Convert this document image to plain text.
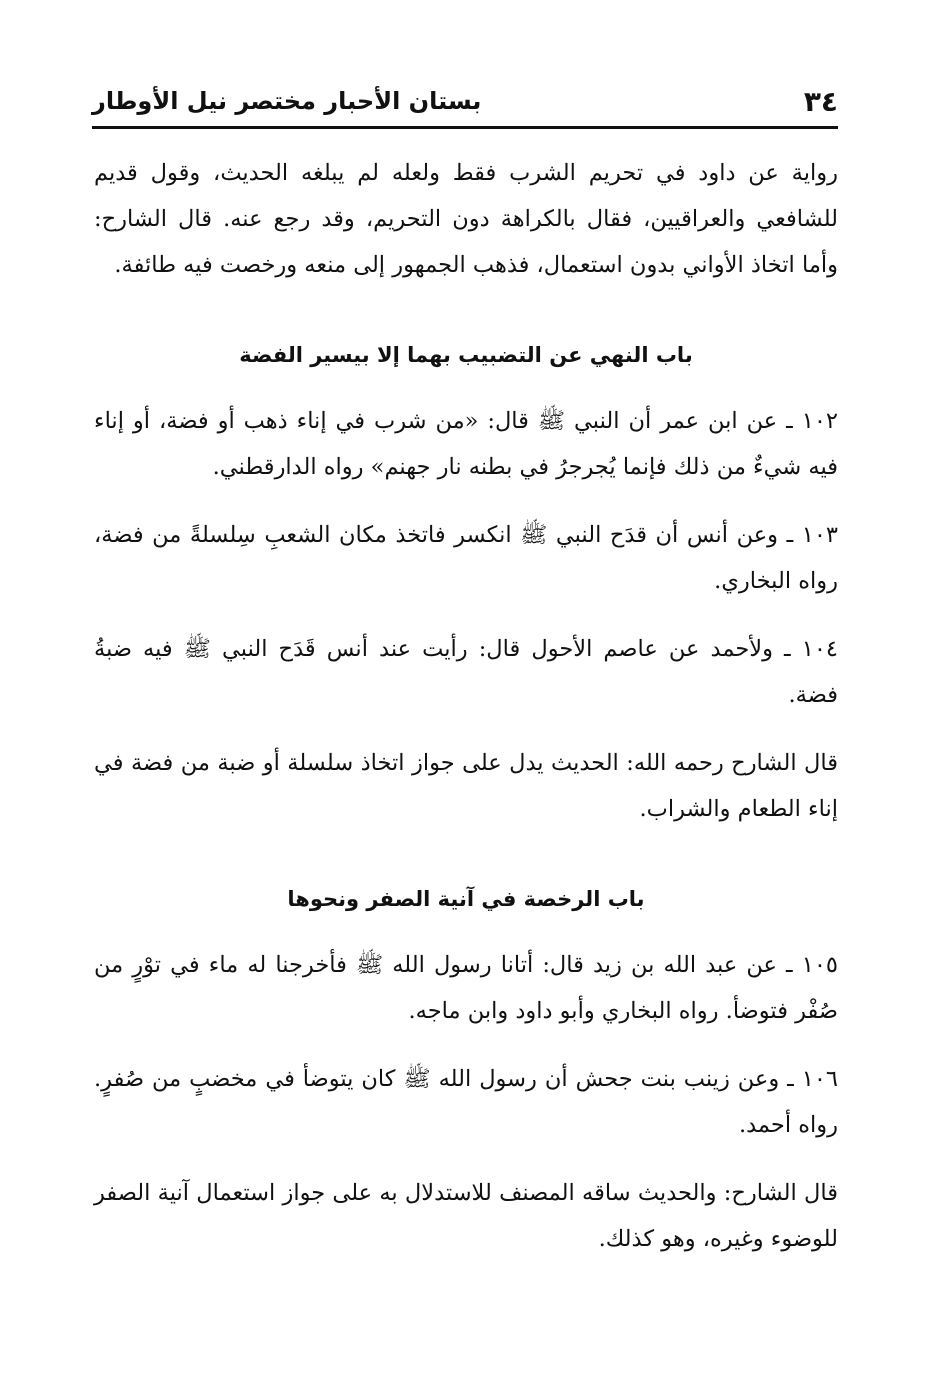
٣٤
بستان الأحبار مختصر نيل الأوطار

رواية عن داود في تحريم الشرب فقط ولعله لم يبلغه الحديث، وقول قديم للشافعي والعراقيين، فقال بالكراهة دون التحريم، وقد رجع عنه. قال الشارح: وأما اتخاذ الأواني بدون استعمال، فذهب الجمهور إلى منعه ورخصت فيه طائفة.

باب النهي عن التضبيب بهما إلا بيسير الفضة

١٠٢ ـ عن ابن عمر أن النبي ﷺ قال: «من شرب في إناء ذهب أو فضة، أو إناء فيه شيءٌ من ذلك فإنما يُجرجرُ في بطنه نار جهنم» رواه الدارقطني.

١٠٣ ـ وعن أنس أن قدَح النبي ﷺ انكسر فاتخذ مكان الشعبِ سِلسلةً من فضة، رواه البخاري.

١٠٤ ـ ولأحمد عن عاصم الأحول قال: رأيت عند أنس قَدَح النبي ﷺ فيه ضبةُ فضة.

قال الشارح رحمه الله: الحديث يدل على جواز اتخاذ سلسلة أو ضبة من فضة في إناء الطعام والشراب.

باب الرخصة في آنية الصفر ونحوها

١٠٥ ـ عن عبد الله بن زيد قال: أتانا رسول الله ﷺ فأخرجنا له ماء في توْرٍ من صُفْر فتوضأ. رواه البخاري وأبو داود وابن ماجه.

١٠٦ ـ وعن زينب بنت جحش أن رسول الله ﷺ كان يتوضأ في مخضبٍ من صُفرٍ. رواه أحمد.

قال الشارح: والحديث ساقه المصنف للاستدلال به على جواز استعمال آنية الصفر للوضوء وغيره، وهو كذلك.
